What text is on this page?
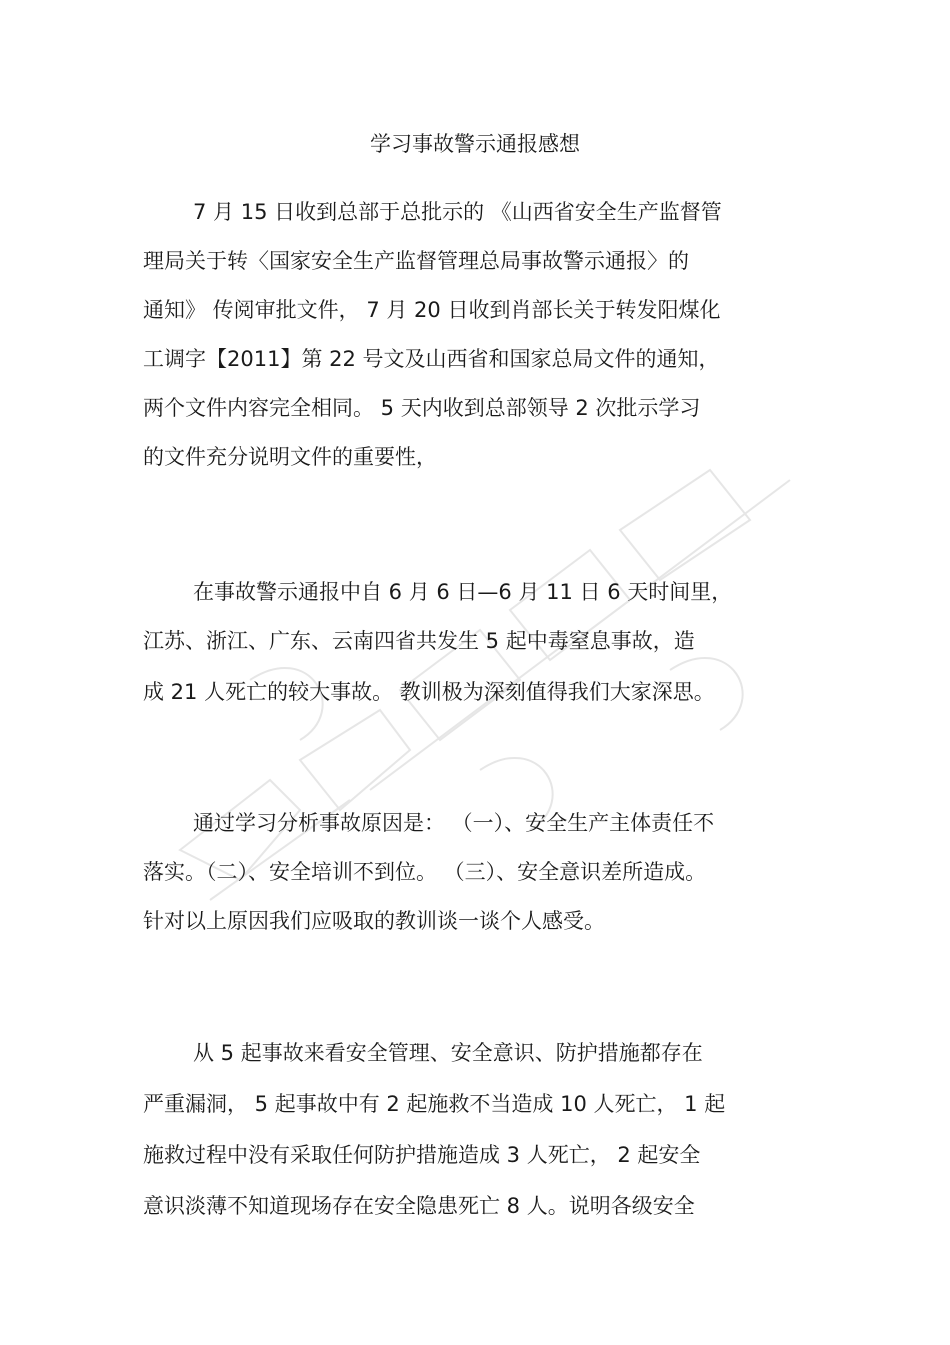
学习事故警示通报感想
7 月 15 日收到总部于总批示的 《山西省安全生产监督管
理局关于转〈国家安全生产监督管理总局事故警示通报〉的
通知》 传阅审批文件， 7 月 20 日收到肖部长关于转发阳煤化
工调字【2011】第 22 号文及山西省和国家总局文件的通知，
两个文件内容完全相同。 5 天内收到总部领导 2 次批示学习
的文件充分说明文件的重要性，
在事故警示通报中自 6 月 6 日—6 月 11 日 6 天时间里，
江苏、浙江、广东、云南四省共发生 5 起中毒窒息事故，造
成 21 人死亡的较大事故。 教训极为深刻值得我们大家深思。
通过学习分析事故原因是： （一）、安全生产主体责任不
落实。（二）、安全培训不到位。 （三）、安全意识差所造成。
针对以上原因我们应吸取的教训谈一谈个人感受。
从 5 起事故来看安全管理、安全意识、防护措施都存在
严重漏洞， 5 起事故中有 2 起施救不当造成 10 人死亡， 1 起
施救过程中没有采取任何防护措施造成 3 人死亡， 2 起安全
意识淡薄不知道现场存在安全隐患死亡 8 人。说明各级安全
